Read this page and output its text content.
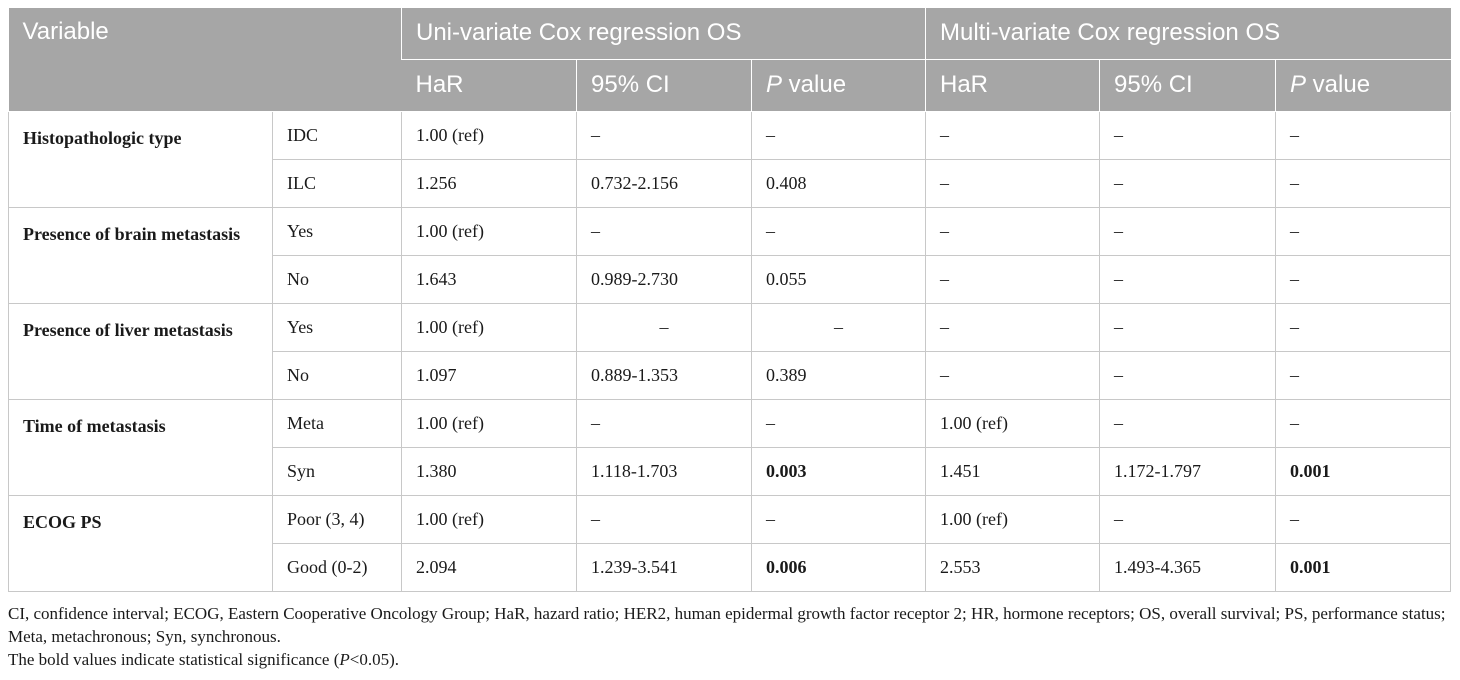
Variable		Uni-variate Cox regression OS			Multi-variate Cox regression OS		
		HaR	95% CI	P value	HaR	95% CI	P value
Histopathologic type	IDC	1.00 (ref)	–	–	–	–	–
	ILC	1.256	0.732-2.156	0.408	–	–	–
Presence of brain metastasis	Yes	1.00 (ref)	–	–	–	–	–
	No	1.643	0.989-2.730	0.055	–	–	–
Presence of liver metastasis	Yes	1.00 (ref)	–	–	–	–	–
	No	1.097	0.889-1.353	0.389	–	–	–
Time of metastasis	Meta	1.00 (ref)	–	–	1.00 (ref)	–	–
	Syn	1.380	1.118-1.703	0.003	1.451	1.172-1.797	0.001
ECOG PS	Poor (3, 4)	1.00 (ref)	–	–	1.00 (ref)	–	–
	Good (0-2)	2.094	1.239-3.541	0.006	2.553	1.493-4.365	0.001
CI, confidence interval; ECOG, Eastern Cooperative Oncology Group; HaR, hazard ratio; HER2, human epidermal growth factor receptor 2; HR, hormone receptors; OS, overall survival; PS, performance status; Meta, metachronous; Syn, synchronous.
The bold values indicate statistical significance (P<0.05).
